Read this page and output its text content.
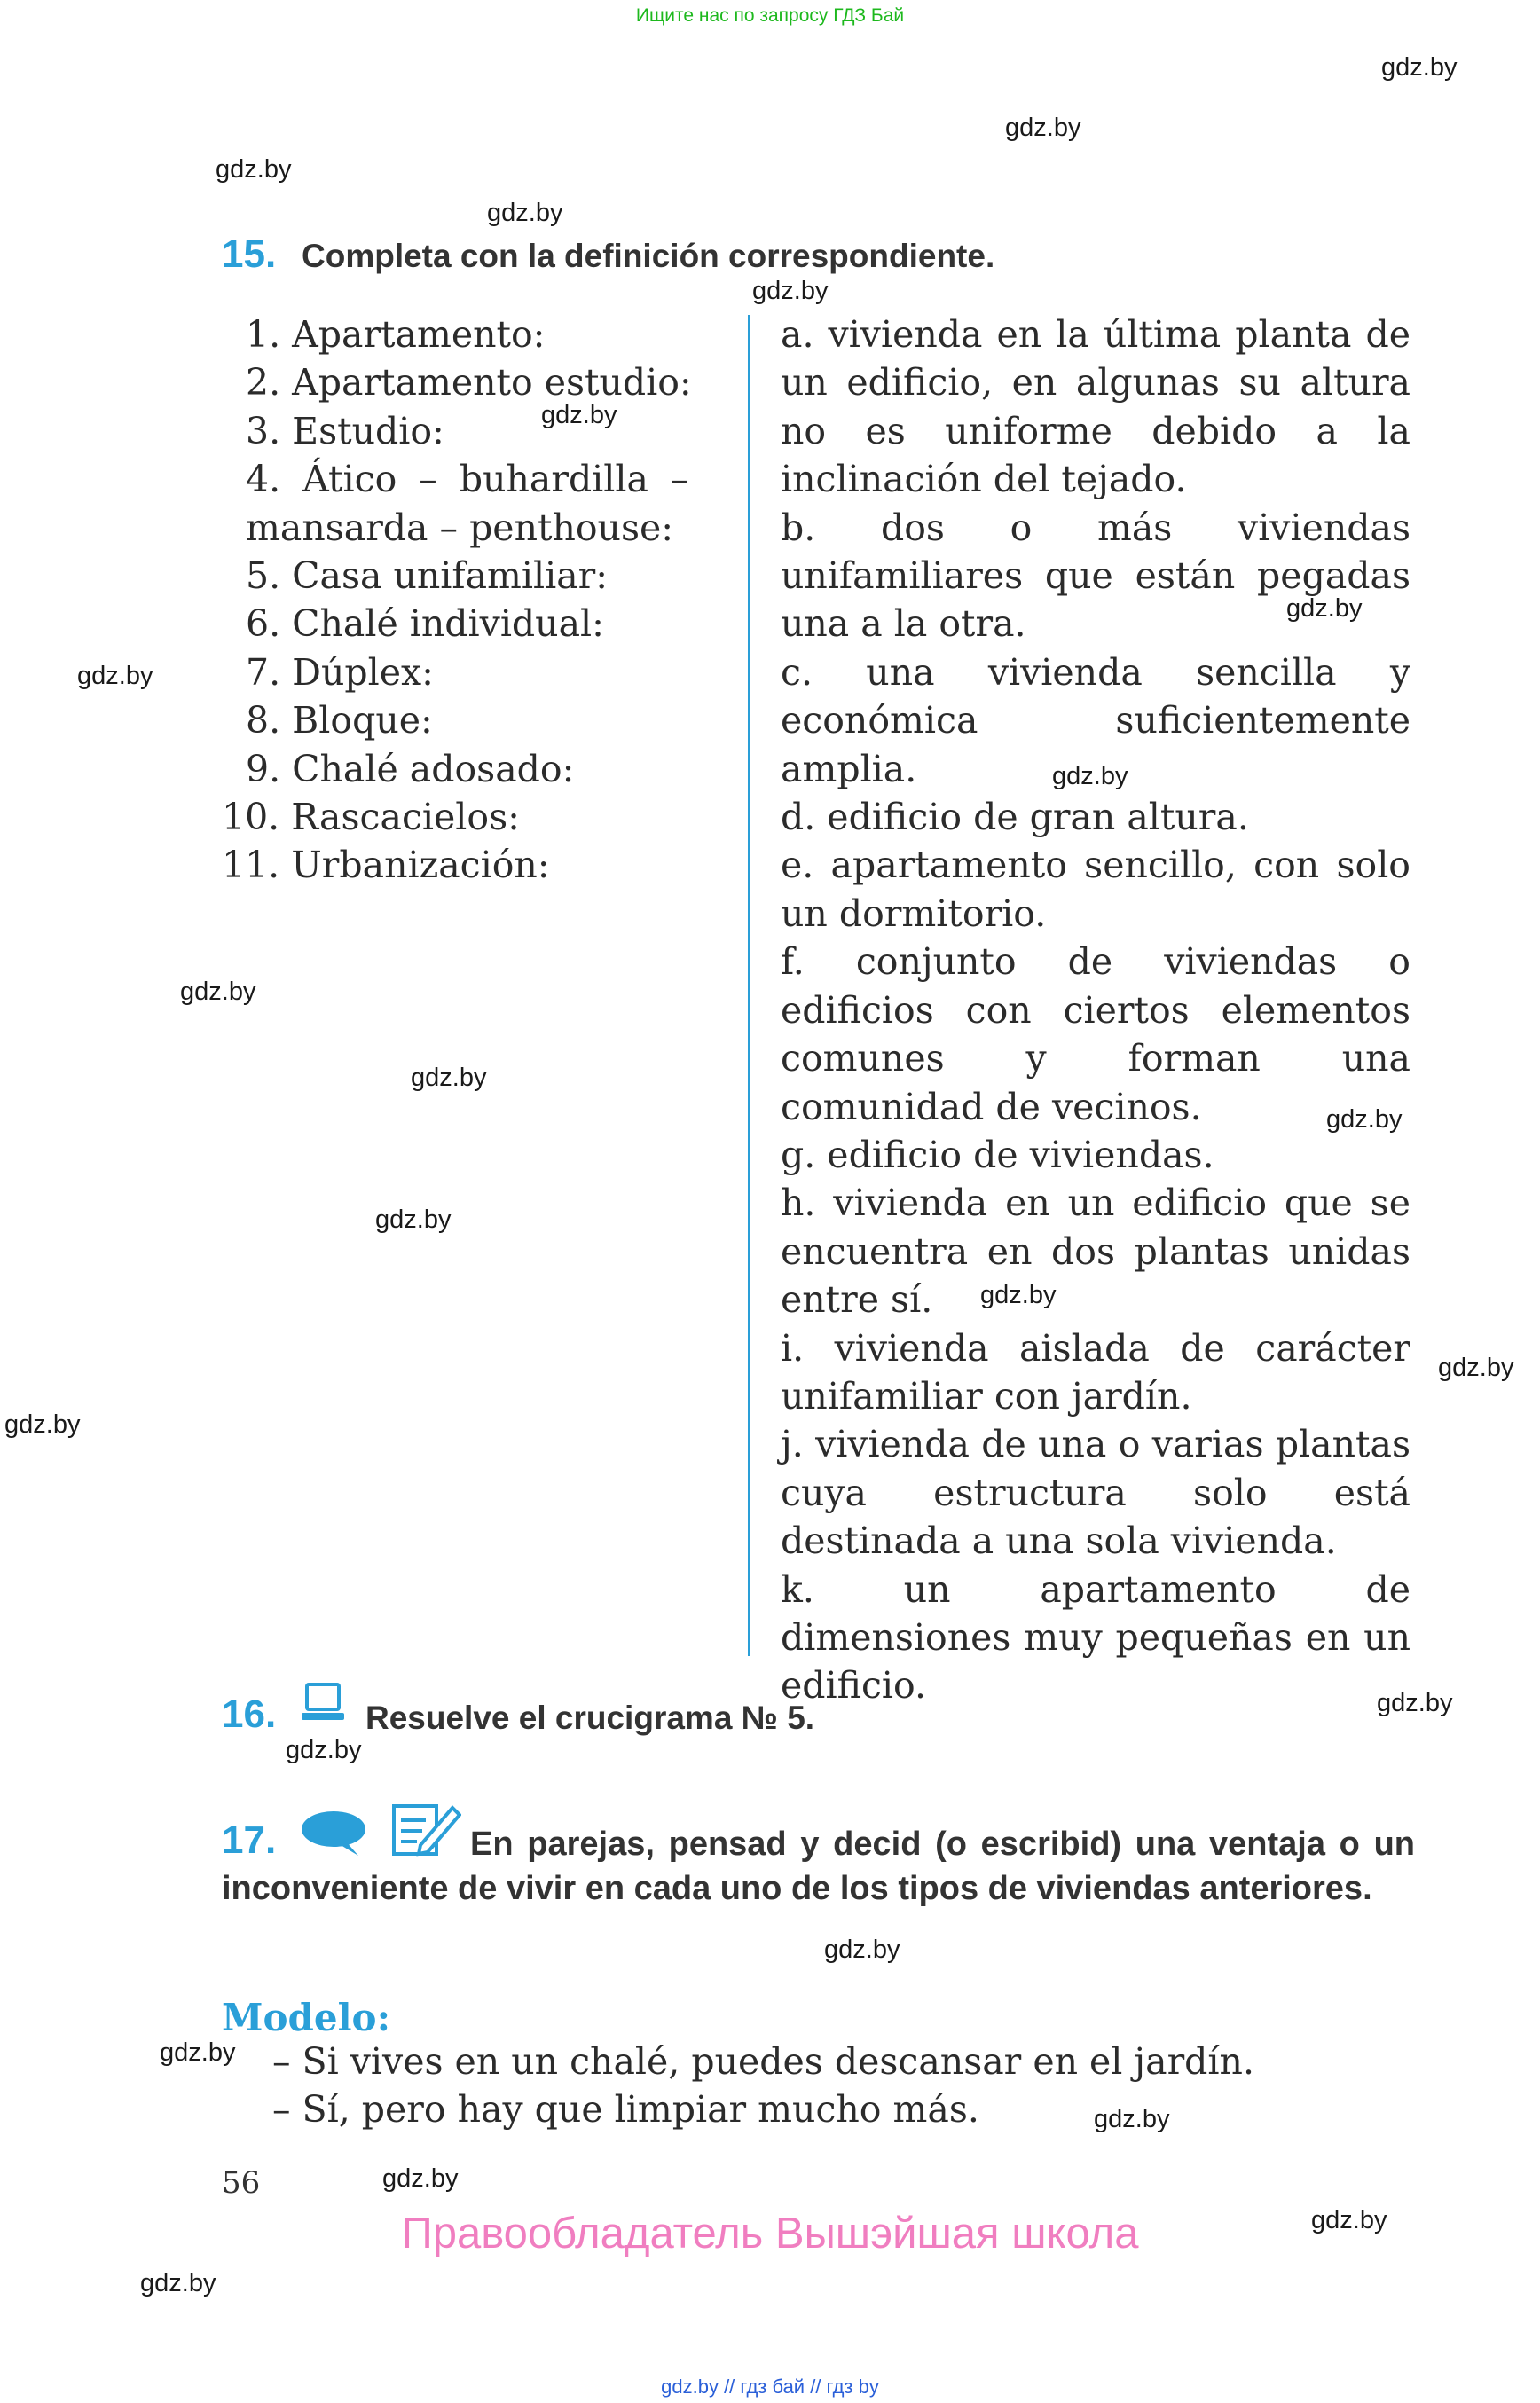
Ищите нас по запросу ГДЗ Бай
gdz.by
gdz.by
gdz.by
gdz.by
gdz.by
gdz.by
gdz.by
gdz.by
gdz.by
gdz.by
gdz.by
gdz.by
gdz.by
gdz.by
gdz.by
gdz.by
gdz.by
gdz.by
gdz.by
gdz.by
gdz.by
gdz.by
gdz.by
gdz.by
15. Completa con la definición correspondiente.
1. Apartamento:
2. Apartamento estudio:
3. Estudio:
4. Ático – buhardilla –
mansarda – penthouse:
5. Casa unifamiliar:
6. Chalé individual:
7. Dúplex:
8. Bloque:
9. Chalé adosado:
10. Rascacielos:
11. Urbanización:
a. vivienda en la última planta de un edificio, en algunas su altura no es uniforme debido a la inclinación del tejado.
b. dos o más viviendas unifamiliares que están pegadas una a la otra.
c. una vivienda sencilla y económica suficientemente amplia.
d. edificio de gran altura.
e. apartamento sencillo, con solo un dormitorio.
f. conjunto de viviendas o edificios con ciertos elementos comunes y forman una comunidad de vecinos.
g. edificio de viviendas.
h. vivienda en un edificio que se encuentra en dos plantas unidas entre sí.
i. vivienda aislada de carácter unifamiliar con jardín.
j. vivienda de una o varias plantas cuya estructura solo está destinada a una sola vivienda.
k. un apartamento de dimensiones muy pequeñas en un edificio.
16.	Resuelve el crucigrama № 5.
17.	En parejas, pensad y decid (o escribid) una ventaja o un inconveniente de vivir en cada uno de los tipos de viviendas anteriores.
Modelo:
– Si vives en un chalé, puedes descansar en el jardín.
– Sí, pero hay que limpiar mucho más.
56
Правообладатель Вышэйшая школа
gdz.by // гдз бай // гдз by
